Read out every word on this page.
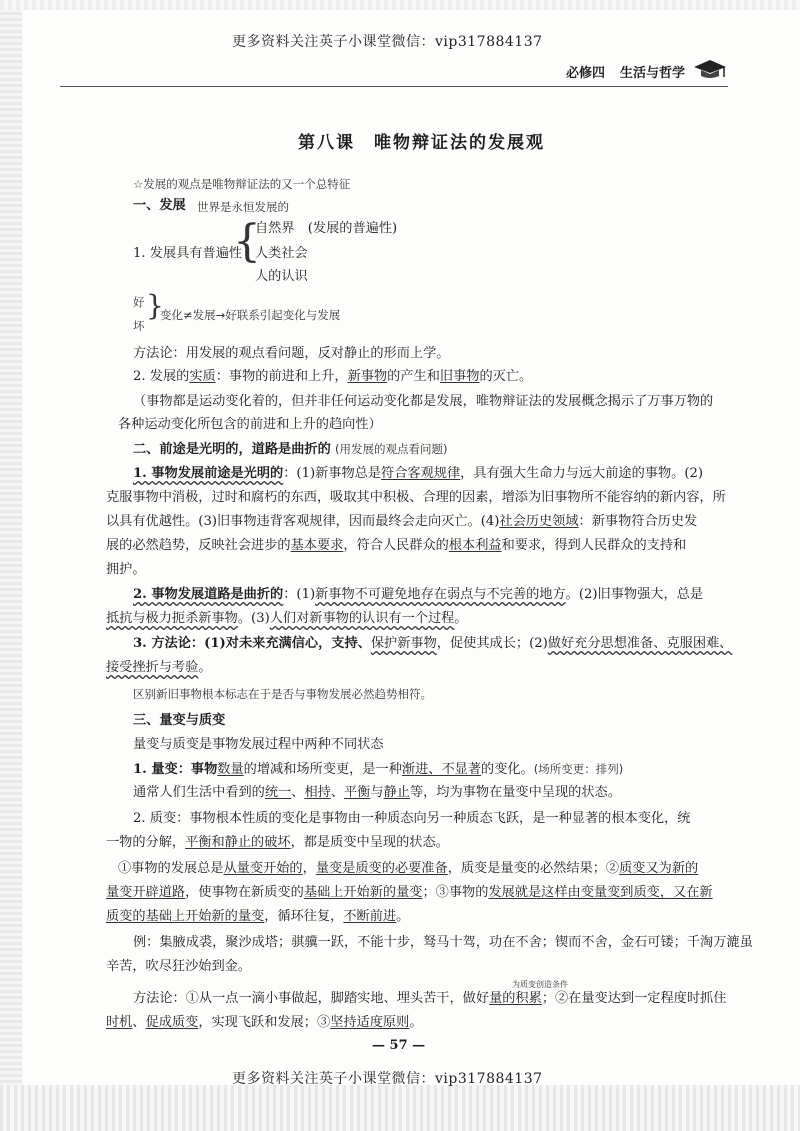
更多资料关注英子小课堂微信：vip317884137
必修四 生活与哲学
第八课　唯物辩证法的发展观
☆发展的观点是唯物辩证法的又一个总特征
一、发展 世界是永恒发展的
1. 发展具有普遍性
{
自然界　(发展的普遍性)
人类社会
人的认识
好
坏
}
变化≠发展→好联系引起变化与发展
方法论：用发展的观点看问题，反对静止的形而上学。
2. 发展的实质：事物的前进和上升，新事物的产生和旧事物的灭亡。
（事物都是运动变化着的，但并非任何运动变化都是发展，唯物辩证法的发展概念揭示了万事万物的
各种运动变化所包含的前进和上升的趋向性）
二、前途是光明的，道路是曲折的 (用发展的观点看问题)
1. 事物发展前途是光明的：(1)新事物总是符合客观规律，具有强大生命力与远大前途的事物。(2)
克服事物中消极，过时和腐朽的东西，吸取其中积极、合理的因素，增添为旧事物所不能容纳的新内容，所
以具有优越性。(3)旧事物违背客观规律，因而最终会走向灭亡。(4)社会历史领域：新事物符合历史发
展的必然趋势，反映社会进步的基本要求，符合人民群众的根本利益和要求，得到人民群众的支持和
拥护。
2. 事物发展道路是曲折的：(1)新事物不可避免地存在弱点与不完善的地方。(2)旧事物强大，总是
抵抗与极力扼杀新事物。(3)人们对新事物的认识有一个过程。
3. 方法论：(1)对未来充满信心，支持、保护新事物，促使其成长；(2)做好充分思想准备、克服困难、
接受挫折与考验。
区别新旧事物根本标志在于是否与事物发展必然趋势相符。
三、量变与质变
量变与质变是事物发展过程中两种不同状态
1. 量变：事物数量的增减和场所变更，是一种渐进、不显著的变化。(场所变更：排列)
通常人们生活中看到的统一、相持、平衡与静止等，均为事物在量变中呈现的状态。
2. 质变：事物根本性质的变化是事物由一种质态向另一种质态飞跃，是一种显著的根本变化，统
一物的分解，平衡和静止的破坏，都是质变中呈现的状态。
①事物的发展总是从量变开始的，量变是质变的必要准备，质变是量变的必然结果；②质变又为新的
量变开辟道路，使事物在新质变的基础上开始新的量变；③事物的发展就是这样由变量变到质变，又在新
质变的基础上开始新的量变，循环往复，不断前进。
例：集腋成裘，聚沙成塔；骐骥一跃，不能十步，驽马十驾，功在不舍；锲而不舍，金石可镂；千淘万漉虽
辛苦，吹尽狂沙始到金。
为质变创造条件
方法论：①从一点一滴小事做起，脚踏实地、埋头苦干，做好量的积累；②在量变达到一定程度时抓住
时机、促成质变，实现飞跃和发展；③坚持适度原则。
— 57 —
更多资料关注英子小课堂微信：vip317884137
